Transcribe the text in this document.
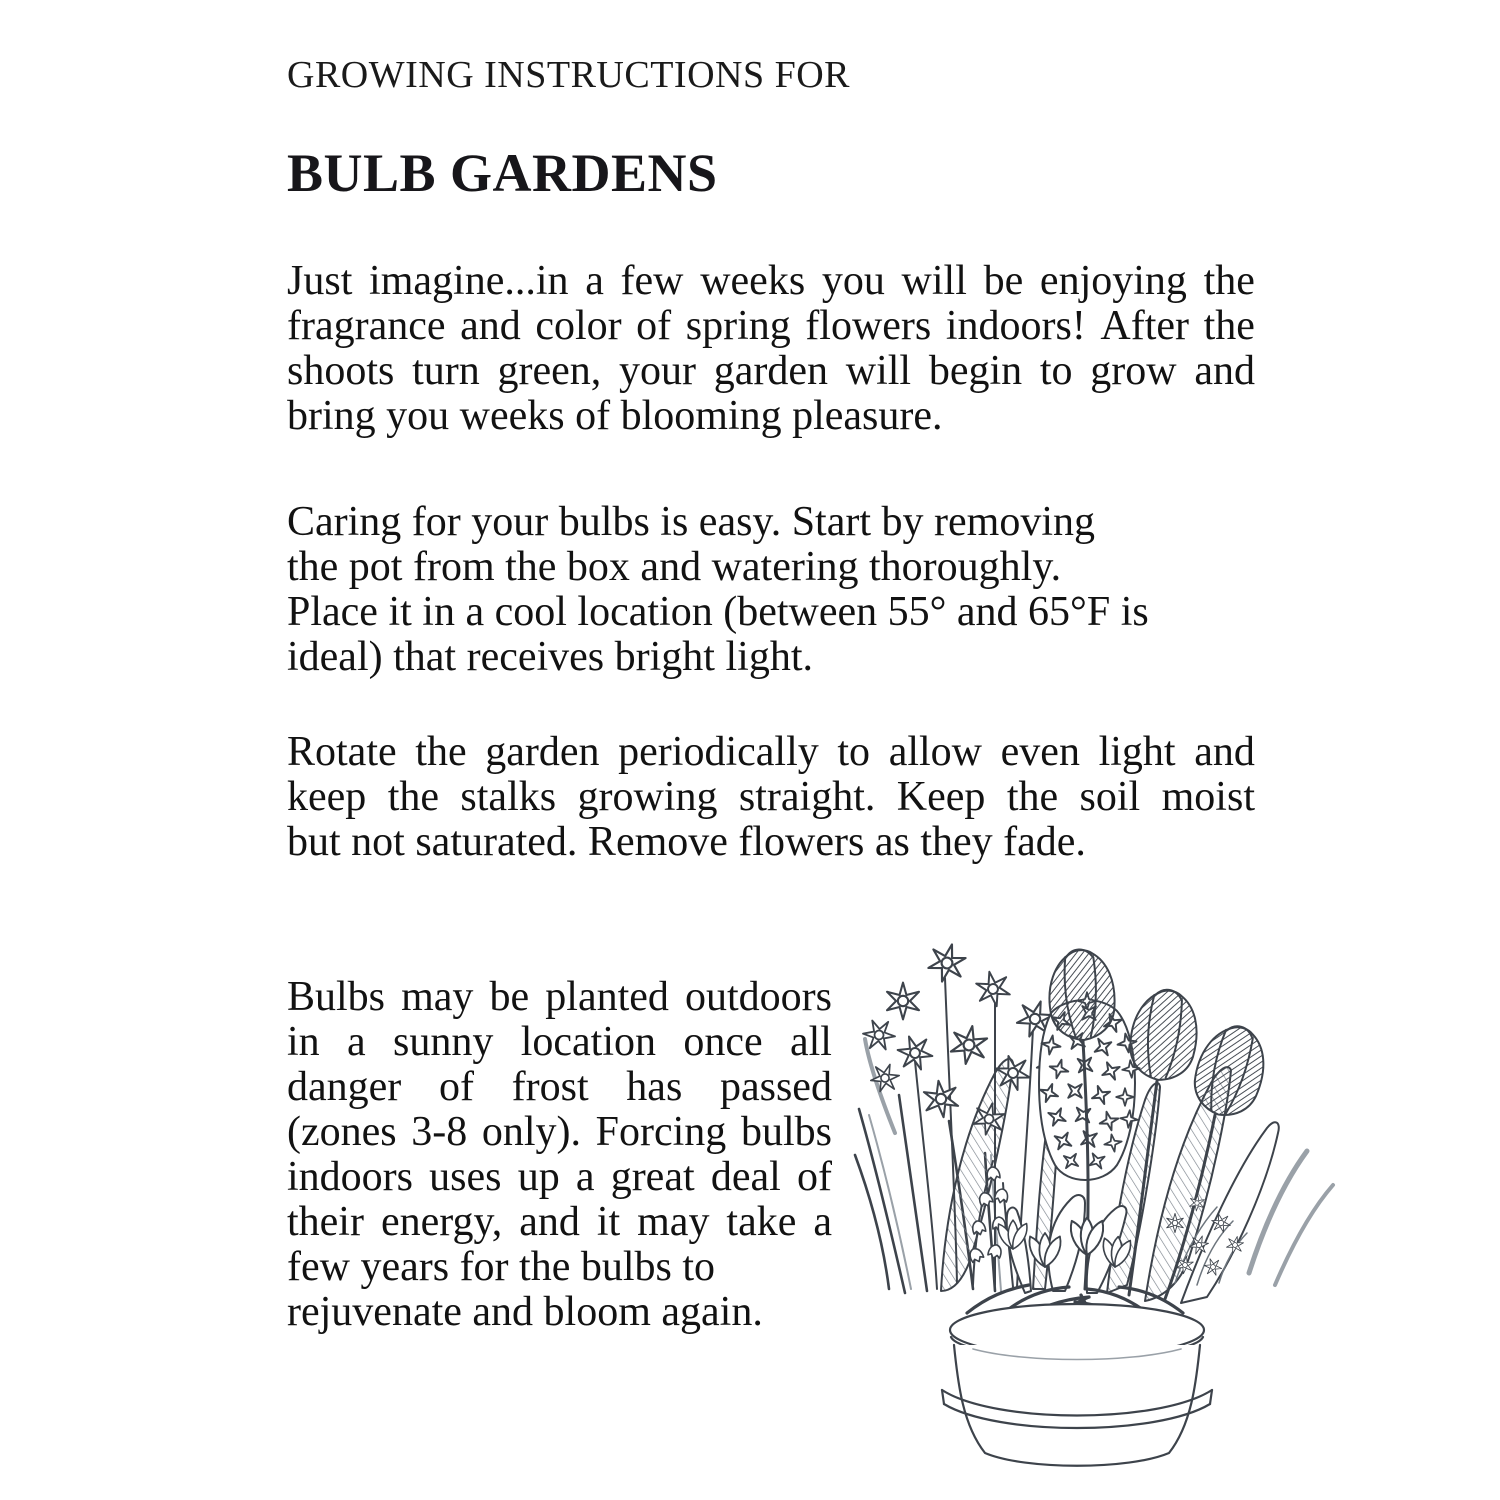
GROWING INSTRUCTIONS FOR
BULB GARDENS
Just imagine...in a few weeks you will be enjoying the
fragrance and color of spring flowers indoors! After the
shoots turn green, your garden will begin to grow and
bring you weeks of blooming pleasure.
Caring for your bulbs is easy. Start by removing
the pot from the box and watering thoroughly.
Place it in a cool location (between 55° and 65°F is
ideal) that receives bright light.
Rotate the garden periodically to allow even light and
keep the stalks growing straight. Keep the soil moist
but not saturated. Remove flowers as they fade.
Bulbs may be planted outdoors
in a sunny location once all
danger of frost has passed
(zones 3-8 only). Forcing bulbs
indoors uses up a great deal of
their energy, and it may take a
few years for the bulbs to
rejuvenate and bloom again.
